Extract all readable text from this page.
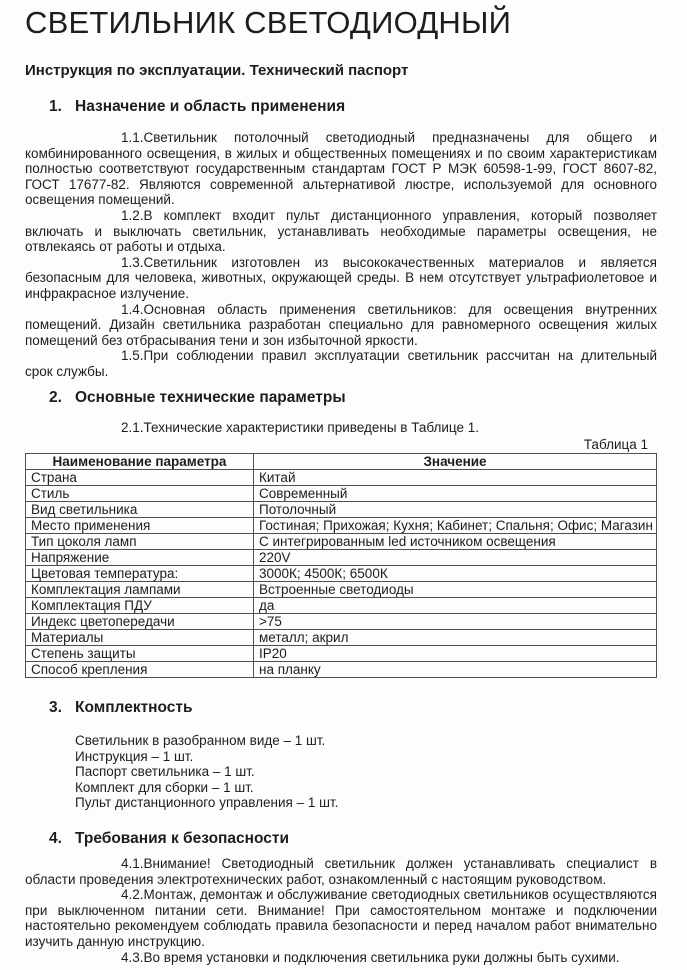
СВЕТИЛЬНИК СВЕТОДИОДНЫЙ
Инструкция по эксплуатации. Технический паспорт
1. Назначение и область применения

1.1.Светильник потолочный светодиодный предназначены для общего и комбинированного освещения, в жилых и общественных помещениях и по своим характеристикам полностью соответствуют государственным стандартам ГОСТ Р МЭК 60598-1-99, ГОСТ 8607-82, ГОСТ 17677-82. Являются современной альтернативой люстре, используемой для основного освещения помещений.

1.2.В комплект входит пульт дистанционного управления, который позволяет включать и выключать светильник, устанавливать необходимые параметры освещения, не отвлекаясь от работы и отдыха.

1.3.Светильник изготовлен из высококачественных материалов и является безопасным для человека, животных, окружающей среды. В нем отсутствует ультрафиолетовое и инфракрасное излучение.

1.4.Основная область применения светильников: для освещения внутренних помещений. Дизайн светильника разработан специально для равномерного освещения жилых помещений без отбрасывания тени и зон избыточной яркости.

1.5.При соблюдении правил эксплуатации светильник рассчитан на длительный срок службы.

2. Основные технические параметры

2.1.Технические характеристики приведены в Таблице 1.

Таблица 1
Наименование параметра	Значение
Страна	Китай
Стиль	Современный
Вид светильника	Потолочный
Место применения	Гостиная; Прихожая; Кухня; Кабинет; Спальня; Офис; Магазин
Тип цоколя ламп	С интегрированным led источником освещения
Напряжение	220V
Цветовая температура:	3000К; 4500К; 6500К
Комплектация лампами	Встроенные светодиоды
Комплектация ПДУ	да
Индекс цветопередачи	>75
Материалы	металл; акрил
Степень защиты	IP20
Способ крепления	на планку
3. Комплектность
Светильник в разобранном виде – 1 шт.
Инструкция – 1 шт.
Паспорт светильника – 1 шт.
Комплект для сборки – 1 шт.
Пульт дистанционного управления – 1 шт.
4. Требования к безопасности

4.1.Внимание! Светодиодный светильник должен устанавливать специалист в области проведения электротехнических работ, ознакомленный с настоящим руководством.

4.2.Монтаж, демонтаж и обслуживание светодиодных светильников осуществляются при выключенном питании сети. Внимание! При самостоятельном монтаже и подключении настоятельно рекомендуем соблюдать правила безопасности и перед началом работ внимательно изучить данную инструкцию.

4.3.Во время установки и подключения светильника руки должны быть сухими.
